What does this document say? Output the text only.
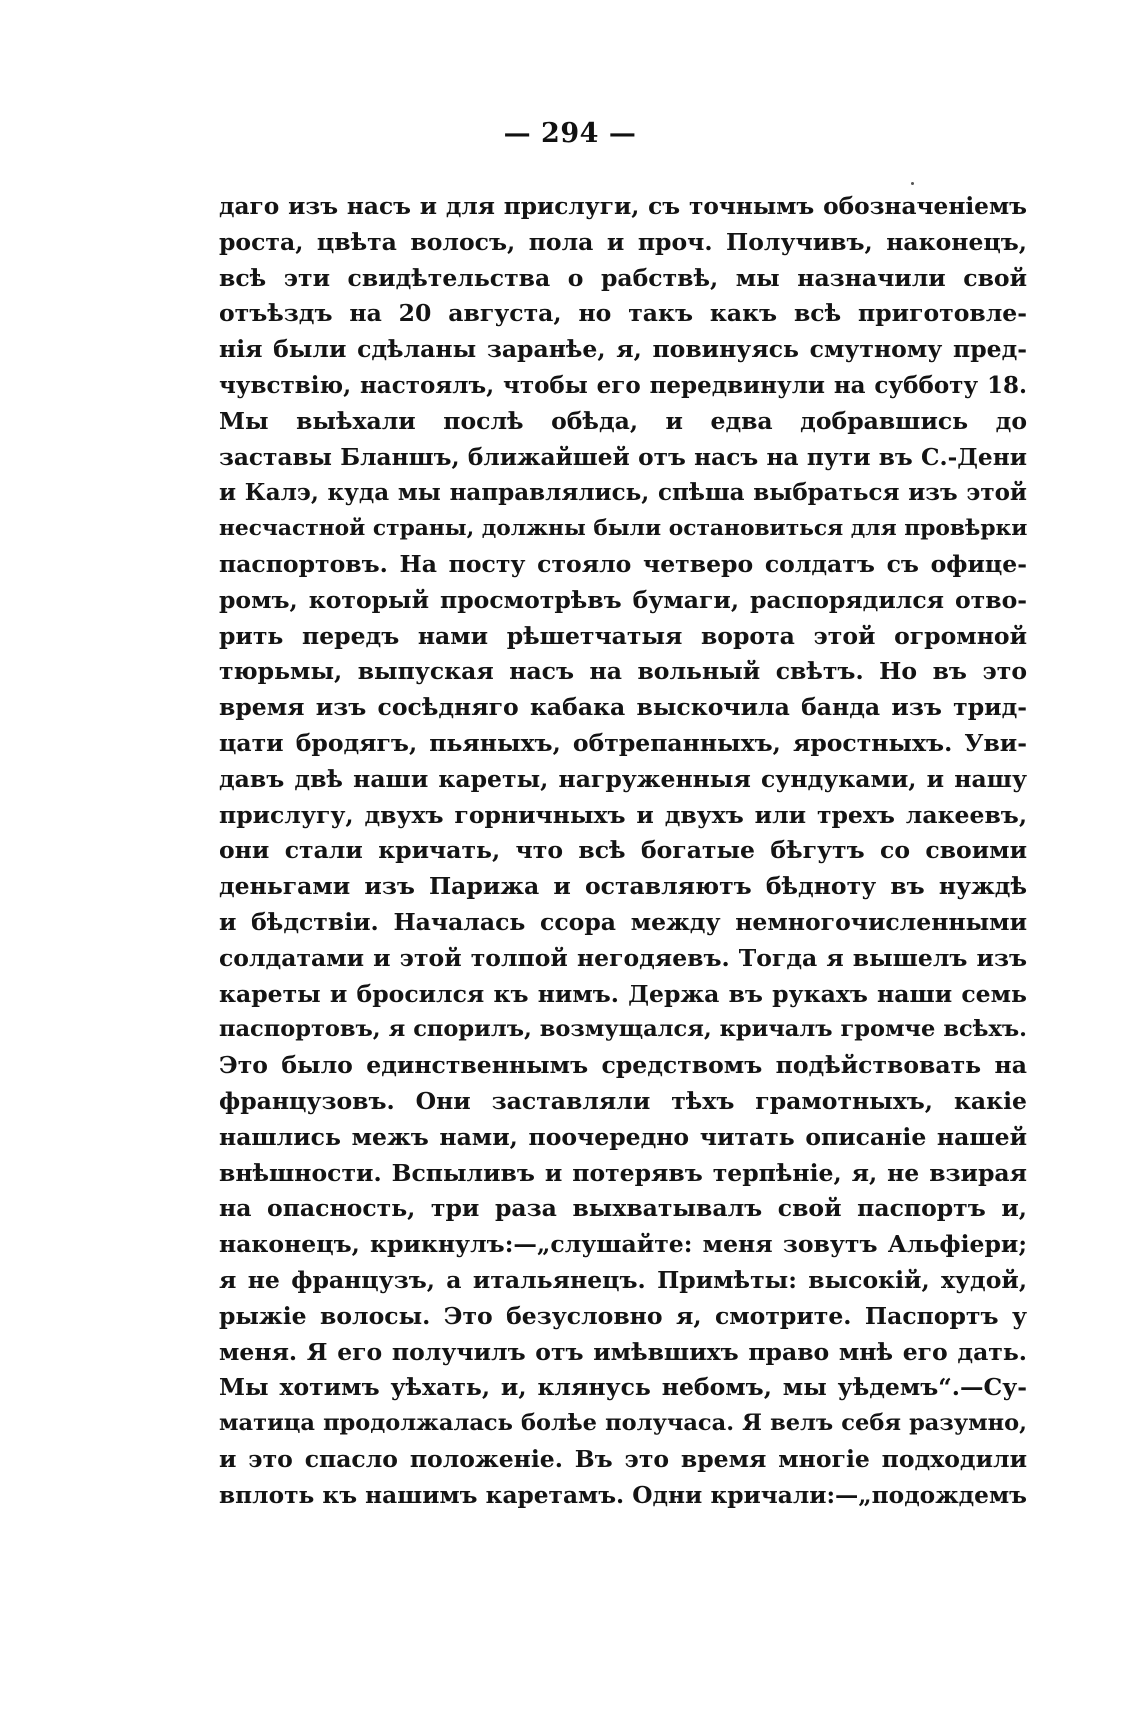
— 294 —
даго изъ насъ и для прислуги, съ точнымъ обозначеніемъ
роста, цвѣта волосъ, пола и проч. Получивъ, наконецъ,
всѣ эти свидѣтельства о рабствѣ, мы назначили свой
отъѣздъ на 20 августа, но такъ какъ всѣ приготовле-
нія были сдѣланы заранѣе, я, повинуясь смутному пред-
чувствію, настоялъ, чтобы его передвинули на субботу 18.
Мы выѣхали послѣ обѣда, и едва добравшись до
заставы Бланшъ, ближайшей отъ насъ на пути въ С.-Дени
и Калэ, куда мы направлялись, спѣша выбраться изъ этой
несчастной страны, должны были остановиться для провѣрки
паспортовъ. На посту стояло четверо солдатъ съ офице-
ромъ, который просмотрѣвъ бумаги, распорядился отво-
рить передъ нами рѣшетчатыя ворота этой огромной
тюрьмы, выпуская насъ на вольный свѣтъ. Но въ это
время изъ сосѣдняго кабака выскочила банда изъ трид-
цати бродягъ, пьяныхъ, обтрепанныхъ, яростныхъ. Уви-
давъ двѣ наши кареты, нагруженныя сундуками, и нашу
прислугу, двухъ горничныхъ и двухъ или трехъ лакеевъ,
они стали кричать, что всѣ богатые бѣгутъ со своими
деньгами изъ Парижа и оставляютъ бѣдноту въ нуждѣ
и бѣдствіи. Началась ссора между немногочисленными
солдатами и этой толпой негодяевъ. Тогда я вышелъ изъ
кареты и бросился къ нимъ. Держа въ рукахъ наши семь
паспортовъ, я спорилъ, возмущался, кричалъ громче всѣхъ.
Это было единственнымъ средствомъ подѣйствовать на
французовъ. Они заставляли тѣхъ грамотныхъ, какіе
нашлись межъ нами, поочередно читать описаніе нашей
внѣшности. Вспыливъ и потерявъ терпѣніе, я, не взирая
на опасность, три раза выхватывалъ свой паспортъ и,
наконецъ, крикнулъ:—„слушайте: меня зовутъ Альфіери;
я не французъ, а итальянецъ. Примѣты: высокій, худой,
рыжіе волосы. Это безусловно я, смотрите. Паспортъ у
меня. Я его получилъ отъ имѣвшихъ право мнѣ его дать.
Мы хотимъ уѣхать, и, клянусь небомъ, мы уѣдемъ“.—Су-
матица продолжалась болѣе получаса. Я велъ себя разумно,
и это спасло положеніе. Въ это время многіе подходили
вплоть къ нашимъ каретамъ. Одни кричали:—„подождемъ
